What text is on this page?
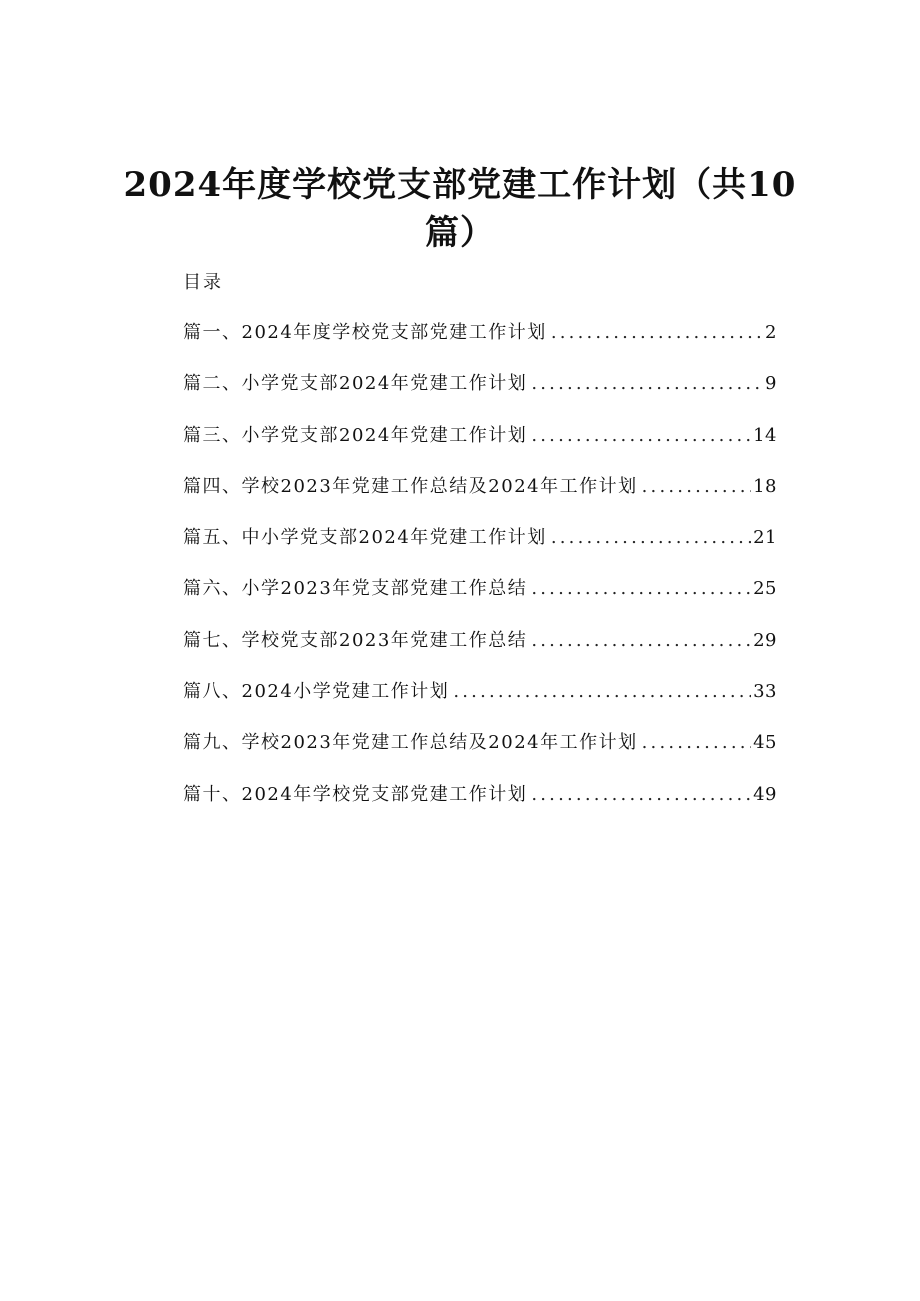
2024年度学校党支部党建工作计划（共10篇）
目录
篇一、2024年度学校党支部党建工作计划 .....	2
篇二、小学党支部2024年党建工作计划 .....	9
篇三、小学党支部2024年党建工作计划 .....	14
篇四、学校2023年党建工作总结及2024年工作计划 .....	18
篇五、中小学党支部2024年党建工作计划 .....	21
篇六、小学2023年党支部党建工作总结 .....	25
篇七、学校党支部2023年党建工作总结 .....	29
篇八、2024小学党建工作计划 .....	33
篇九、学校2023年党建工作总结及2024年工作计划 .....	45
篇十、2024年学校党支部党建工作计划 .....	49
